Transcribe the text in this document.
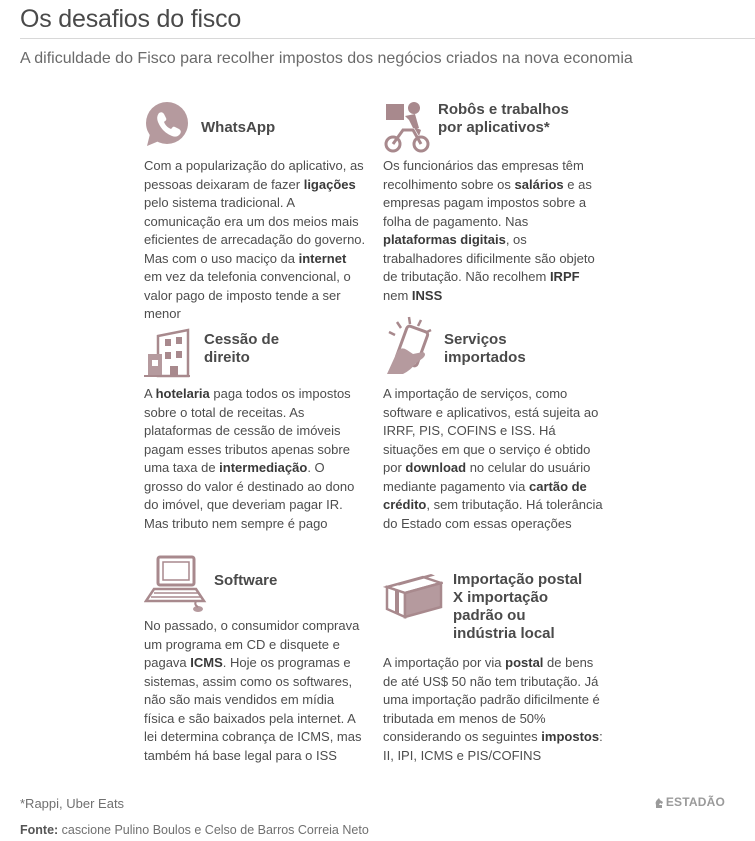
Os desafios do fisco
A dificuldade do Fisco para recolher impostos dos negócios criados na nova economia
WhatsApp
Com a popularização do aplicativo, as pessoas deixaram de fazer ligações pelo sistema tradicional. A comunicação era um dos meios mais eficientes de arrecadação do governo. Mas com o uso maciço da internet em vez da telefonia convencional, o valor pago de imposto tende a ser menor
Robôs e trabalhos
por aplicativos*
Os funcionários das empresas têm recolhimento sobre os salários e as empresas pagam impostos sobre a folha de pagamento. Nas plataformas digitais, os trabalhadores dificilmente são objeto de tributação. Não recolhem IRPF nem INSS
Cessão de
direito
A hotelaria paga todos os impostos sobre o total de receitas. As plataformas de cessão de imóveis pagam esses tributos apenas sobre uma taxa de intermediação. O grosso do valor é destinado ao dono do imóvel, que deveriam pagar IR. Mas tributo nem sempre é pago
Serviços
importados
A importação de serviços, como software e aplicativos, está sujeita ao IRRF, PIS, COFINS e ISS. Há situações em que o serviço é obtido por download no celular do usuário mediante pagamento via cartão de crédito, sem tributação. Há tolerância do Estado com essas operações
Software
No passado, o consumidor comprava um programa em CD e disquete e pagava ICMS. Hoje os programas e sistemas, assim como os softwares, não são mais vendidos em mídia física e são baixados pela internet. A lei determina cobrança de ICMS, mas também há base legal para o ISS
Importação postal
X importação
padrão ou
indústria local
A importação por via postal de bens de até US$ 50 não tem tributação. Já uma importação padrão dificilmente é tributada em menos de 50% considerando os seguintes impostos: II, IPI, ICMS e PIS/COFINS
*Rappi, Uber Eats	ESTADÃO
Fonte: cascione Pulino Boulos e Celso de Barros Correia Neto
